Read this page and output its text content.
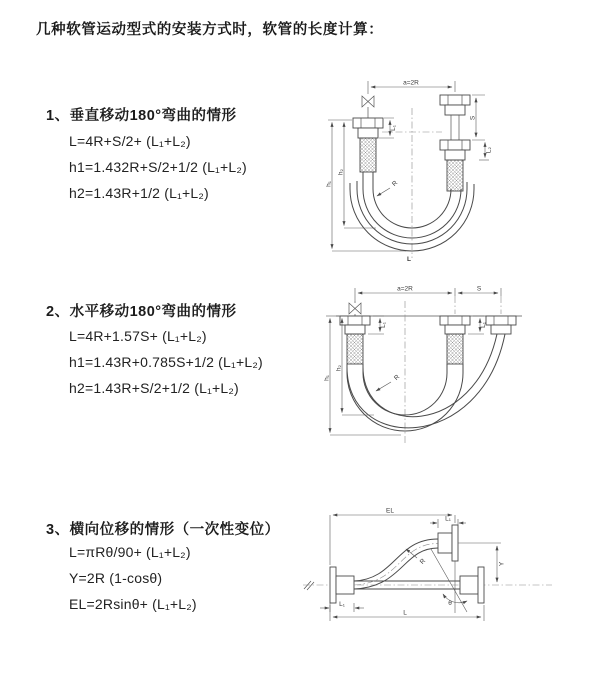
几种软管运动型式的安装方式时，软管的长度计算：
1、垂直移动180°弯曲的情形
L=4R+S/2+ (L₁+L₂)
h1=1.432R+S/2+1/2 (L₁+L₂)
h2=1.43R+1/2 (L₁+L₂)
2、水平移动180°弯曲的情形
L=4R+1.57S+ (L₁+L₂)
h1=1.43R+0.785S+1/2 (L₁+L₂)
h2=1.43R+S/2+1/2 (L₁+L₂)
3、横向位移的情形（一次性变位）
L=πRθ/90+ (L₁+L₂)
Y=2R (1-cosθ)
EL=2Rsinθ+ (L₁+L₂)
a=2R
L₁
S
L₂
h₁
h₂
R
L
a=2R	S
L₁	L₁
h₁
h₂
R
EL
L₁
Y
R
θ
L
L₁
